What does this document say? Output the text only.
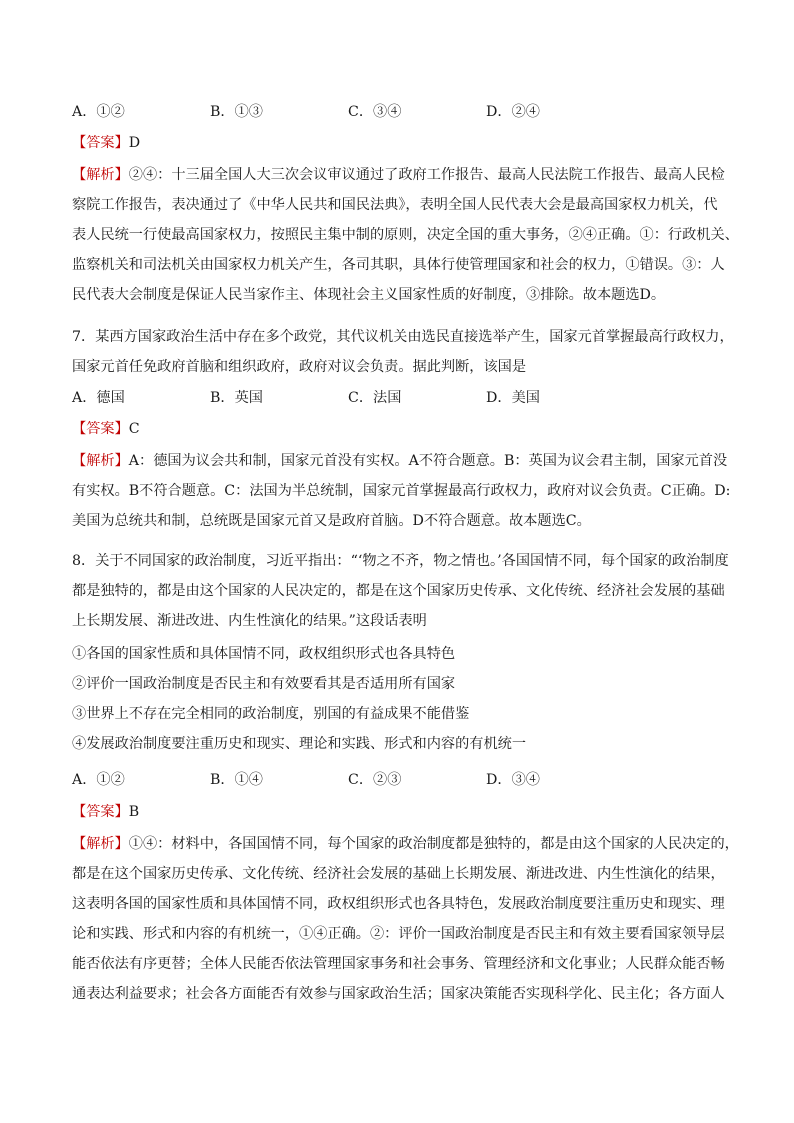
A．①②	B．①③	C．③④	D．②④
【答案】D
【解析】②④：十三届全国人大三次会议审议通过了政府工作报告、最高人民法院工作报告、最高人民检
察院工作报告，表决通过了《中华人民共和国民法典》，表明全国人民代表大会是最高国家权力机关，代
表人民统一行使最高国家权力，按照民主集中制的原则，决定全国的重大事务，②④正确。①：行政机关、
监察机关和司法机关由国家权力机关产生，各司其职，具体行使管理国家和社会的权力，①错误。③：人
民代表大会制度是保证人民当家作主、体现社会主义国家性质的好制度，③排除。故本题选D。
7．某西方国家政治生活中存在多个政党，其代议机关由选民直接选举产生，国家元首掌握最高行政权力，
国家元首任免政府首脑和组织政府，政府对议会负责。据此判断，该国是
A．德国	B．英国	C．法国	D．美国
【答案】C
【解析】A：德国为议会共和制，国家元首没有实权。A不符合题意。B：英国为议会君主制，国家元首没
有实权。B不符合题意。C：法国为半总统制，国家元首掌握最高行政权力，政府对议会负责。C正确。D:
美国为总统共和制，总统既是国家元首又是政府首脑。D不符合题意。故本题选C。
8．关于不同国家的政治制度，习近平指出：“‘物之不齐，物之情也。’各国国情不同，每个国家的政治制度
都是独特的，都是由这个国家的人民决定的，都是在这个国家历史传承、文化传统、经济社会发展的基础
上长期发展、渐进改进、内生性演化的结果。”这段话表明
①各国的国家性质和具体国情不同，政权组织形式也各具特色
②评价一国政治制度是否民主和有效要看其是否适用所有国家
③世界上不存在完全相同的政治制度，别国的有益成果不能借鉴
④发展政治制度要注重历史和现实、理论和实践、形式和内容的有机统一
A．①②	B．①④	C．②③	D．③④
【答案】B
【解析】①④：材料中，各国国情不同，每个国家的政治制度都是独特的，都是由这个国家的人民决定的，
都是在这个国家历史传承、文化传统、经济社会发展的基础上长期发展、渐进改进、内生性演化的结果，
这表明各国的国家性质和具体国情不同，政权组织形式也各具特色，发展政治制度要注重历史和现实、理
论和实践、形式和内容的有机统一，①④正确。②：评价一国政治制度是否民主和有效主要看国家领导层
能否依法有序更替；全体人民能否依法管理国家事务和社会事务、管理经济和文化事业；人民群众能否畅
通表达利益要求；社会各方面能否有效参与国家政治生活；国家决策能否实现科学化、民主化；各方面人
